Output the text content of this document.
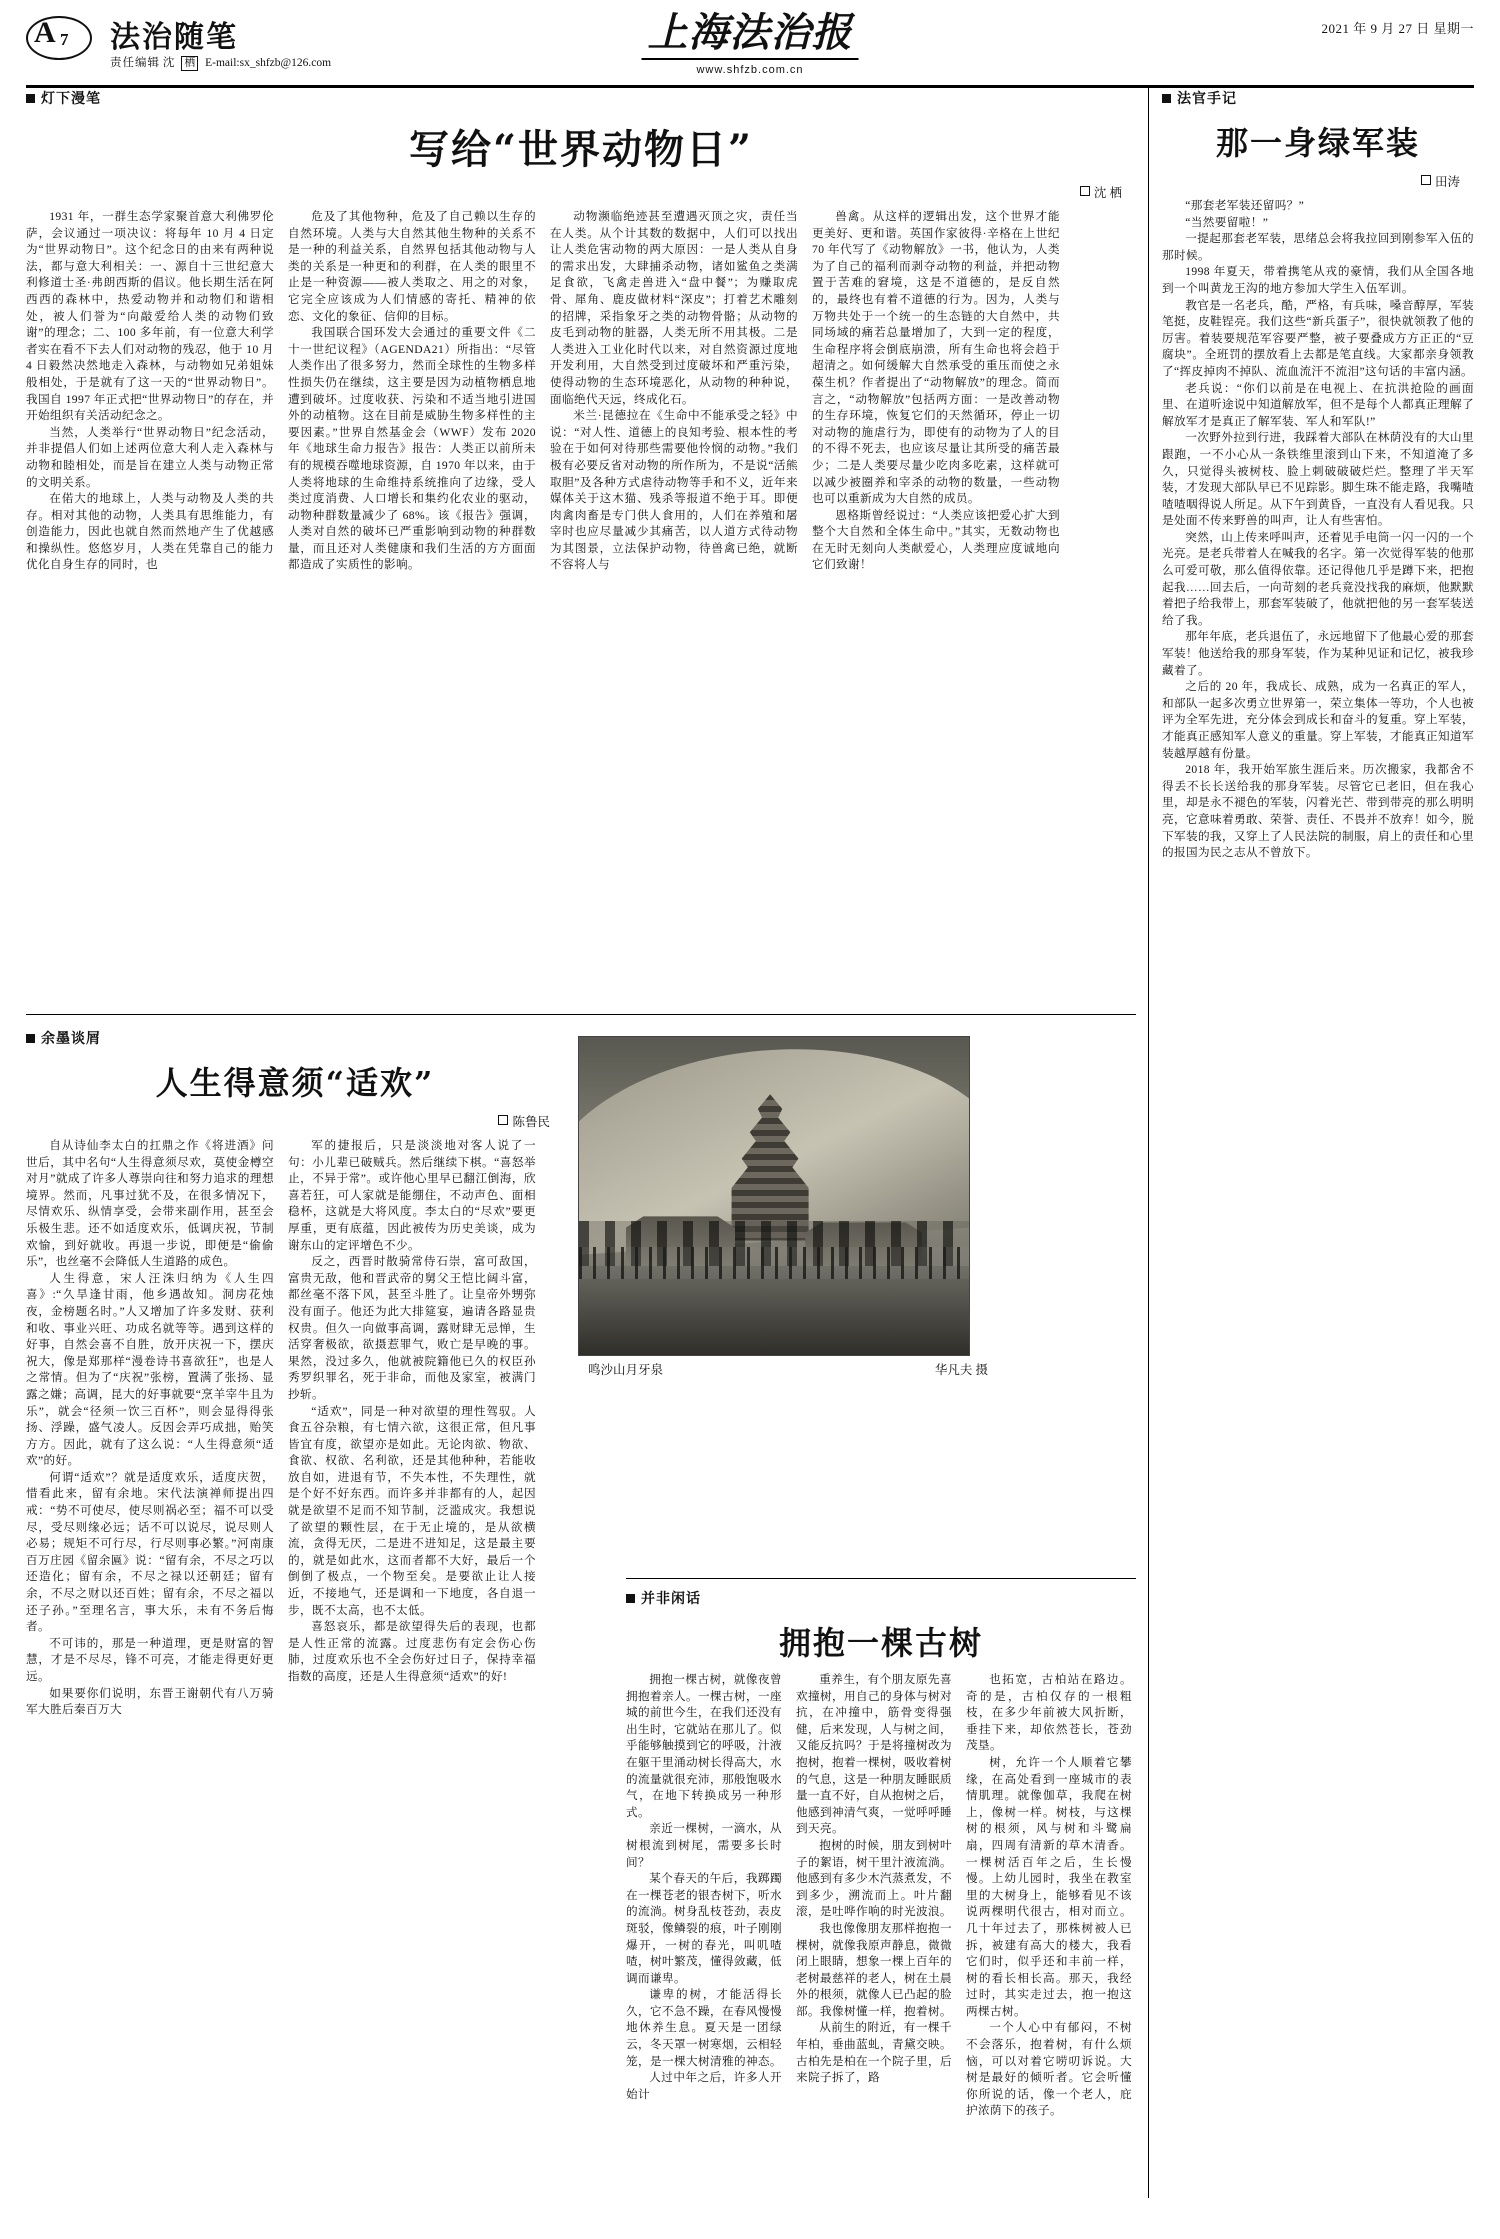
A 7 法治随笔
责任编辑 沈 栖 E-mail:sx_shfzb@126.com
上海法治报
www.shfzb.com.cn
2021 年 9 月 27 日 星期一
灯下漫笔
写给“世界动物日”
沈 栖

1931 年，一群生态学家聚首意大利佛罗伦萨，会议通过一项决议：将每年 10 月 4 日定为“世界动物日”。这个纪念日的由来有两种说法，都与意大利相关：一、源自十三世纪意大利修道士圣·弗朗西斯的倡议。他长期生活在阿西西的森林中，热爱动物并和动物们和谐相处，被人们誉为“向敲爱给人类的动物们致谢”的理念；二、100 多年前，有一位意大利学者实在看不下去人们对动物的残忍，他于 10 月 4 日毅然决然地走入森林，与动物如兄弟姐妹般相处，于是就有了这一天的“世界动物日”。我国自 1997 年正式把“世界动物日”的存在，并开始组织有关活动纪念之。

当然，人类举行“世界动物日”纪念活动，并非提倡人们如上述两位意大利人走入森林与动物和睦相处，而是旨在建立人类与动物正常的文明关系。

在偌大的地球上，人类与动物及人类的共存。相对其他的动物，人类具有思维能力，有创造能力，因此也就自然而然地产生了优越感和操纵性。悠悠岁月，人类在凭靠自己的能力优化自身生存的同时，也

危及了其他物种，危及了自己赖以生存的自然环境。人类与大自然其他生物种的关系不是一种的利益关系，自然界包括其他动物与人类的关系是一种更和的利群，在人类的眼里不止是一种资源——被人类取之、用之的对象，它完全应该成为人们情感的寄托、精神的依恋、文化的象征、信仰的目标。

我国联合国环发大会通过的重要文件《二十一世纪议程》（AGENDA21）所指出：“尽管人类作出了很多努力，然而全球性的生物多样性损失仍在继续，这主要是因为动植物栖息地遭到破坏。过度收获、污染和不适当地引进国外的动植物。这在目前是威胁生物多样性的主要因素。”世界自然基金会（WWF）发布 2020 年《地球生命力报告》报告：人类正以前所未有的规模吞噬地球资源，自 1970 年以来，由于人类将地球的生命维持系统推向了边缘，受人类过度消费、人口增长和集约化农业的驱动，动物种群数量减少了 68%。该《报告》强调，人类对自然的破坏已严重影响到动物的种群数量，而且还对人类健康和我们生活的方方面面都造成了实质性的影响。

动物濒临绝迹甚至遭遇灭顶之灾，责任当在人类。从个计其数的数据中，人们可以找出让人类危害动物的两大原因：一是人类从自身的需求出发，大肆捕杀动物，诸如鲨鱼之类满足食欲，飞禽走兽进入“盘中餐”；为赚取虎骨、犀角、鹿皮做材料“深皮”；打着艺术雕刻的招牌，采指象牙之类的动物骨骼；从动物的皮毛到动物的脏器，人类无所不用其极。二是人类进入工业化时代以来，对自然资源过度地开发利用，大自然受到过度破坏和严重污染，使得动物的生态环境恶化，从动物的种种说，面临绝代天远，终成化石。

米兰·昆德拉在《生命中不能承受之轻》中说：“对人性、道德上的良知考验、根本性的考验在于如何对待那些需要他怜悯的动物。”我们极有必要反省对动物的所作所为，不是说“活熊取胆”及各种方式虐待动物等手和不义，近年来媒体关于这木猫、残杀等报道不绝于耳。即便肉禽肉畜是专门供人食用的，人们在养殖和屠宰时也应尽量减少其痛苦，以人道方式待动物为其图景，立法保护动物，待兽禽已绝，就断不容将人与

兽禽。从这样的逻辑出发，这个世界才能更美好、更和谐。英国作家彼得·辛格在上世纪 70 年代写了《动物解放》一书，他认为，人类为了自己的福利而剥夺动物的利益，并把动物置于苦难的窘境，这是不道德的，是反自然的，最终也有着不道德的行为。因为，人类与万物共处于一个统一的生态链的大自然中，共同场域的痛若总量增加了，大到一定的程度，生命程序将会倒底崩溃，所有生命也将会趋于超清之。如何缓解大自然承受的重压而使之永葆生机？作者提出了“动物解放”的理念。简而言之，“动物解放”包括两方面：一是改善动物的生存环境，恢复它们的天然循环，停止一切对动物的施虐行为，即使有的动物为了人的目的不得不死去，也应该尽量让其所受的痛苦最少；二是人类要尽量少吃肉多吃素，这样就可以减少被圈养和宰杀的动物的数量，一些动物也可以重新成为大自然的成员。

恩格斯曾经说过：“人类应该把爱心扩大到整个大自然和全体生命中。”其实，无数动物也在无时无刻向人类献爱心，人类理应度诚地向它们致谢！

法官手记
那一身绿军装
田涛

“那套老军装还留吗？”

“当然要留啦！”

一提起那套老军装，思绪总会将我拉回到刚参军入伍的那时候。

1998 年夏天，带着携笔从戎的豪情，我们从全国各地到一个叫黄龙王沟的地方参加大学生入伍军训。

教官是一名老兵，酷，严格，有兵味，嗓音醇厚，军装笔挺，皮鞋锃亮。我们这些“新兵蛋子”，很快就领教了他的厉害。着装要规范军容要严整，被子要叠成方方正正的“豆腐块”。全班罚的摆放看上去都是笔直线。大家都亲身领教了“挥皮掉肉不掉队、流血流汗不流泪”这句话的丰富内涵。

老兵说：“你们以前是在电视上、在抗洪抢险的画面里、在道听途说中知道解放军，但不是每个人都真正理解了解放军才是真正了解军装、军人和军队!”

一次野外拉到行进，我踩着大部队在林荫没有的大山里跟跑，一不小心从一条铁维里滚到山下来，不知道淹了多久，只觉得头被树枝、脸上刺破破破烂烂。整理了半天军装，才发现大部队早已不见踪影。脚生珠不能走路，我嘴喳喳喳咽得说人所足。从下午到黄昏，一直没有人看见我。只是处面不传来野兽的叫声，让人有些害怕。

突然，山上传来呼叫声，还着见手电筒一闪一闪的一个光亮。是老兵带着人在喊我的名字。第一次觉得军装的他那么可爱可敬，那么值得依靠。还记得他几乎是蹲下来，把抱起我……回去后，一向苛刻的老兵竟没找我的麻烦，他默默着把子给我带上，那套军装破了，他就把他的另一套军装送给了我。

那年年底，老兵退伍了，永远地留下了他最心爱的那套军装！他送给我的那身军装，作为某种见证和记忆，被我珍藏着了。

之后的 20 年，我成长、成熟，成为一名真正的军人，和部队一起多次勇立世界第一，荣立集体一等功，个人也被评为全军先进，充分体会到成长和奋斗的复重。穿上军装，才能真正感知军人意义的重量。穿上军装，才能真正知道军装越厚越有份量。

2018 年，我开始军旅生涯后来。历次搬家，我都舍不得丢不长长送给我的那身军装。尽管它已老旧，但在我心里，却是永不褪色的军装，闪着光芒、带到带亮的那么明明亮，它意味着勇敢、荣誉、责任、不畏并不放弃！如今，脱下军装的我，又穿上了人民法院的制服，肩上的责任和心里的报国为民之志从不曾放下。

余墨谈屑
人生得意须“适欢”
陈鲁民

自从诗仙李太白的扛鼎之作《将进酒》问世后，其中名句“人生得意须尽欢，莫使金樽空对月”就成了许多人尊崇向往和努力追求的理想境界。然而，凡事过犹不及，在很多情况下，尽情欢乐、纵情享受，会带来副作用，甚至会乐极生悲。还不如适度欢乐，低调庆祝，节制欢愉，到好就收。再退一步说，即便是“偷偷乐”，也丝毫不会降低人生道路的成色。

人生得意，宋人汪洙归纳为《人生四喜》:“久旱逢甘雨，他乡遇故知。洞房花烛夜，金榜题名时。”人又增加了许多发财、获利和收、事业兴旺、功成名就等等。遇到这样的好事，自然会喜不自胜，放开庆祝一下，摆庆祝大，像是郑那样“漫卷诗书喜欲狂”，也是人之常情。但为了“庆祝”张榜，置满了张扬、显露之嫌；高调，昆大的好事就要“烹羊宰牛且为乐”，就会“径须一饮三百杯”，则会显得得张扬、浮躁，盛气凌人。反因会弄巧成拙，贻笑方方。因此，就有了这么说：“人生得意须“适欢”的好。

何谓“适欢”？就是适度欢乐，适度庆贺，惜看此来，留有余地。宋代法演禅师提出四戒：“势不可使尽，使尽则祸必至；福不可以受尽，受尽则缘必远；话不可以说尽，说尽则人必易；规矩不可行尽，行尽则事必繁。”河南康百万庄园《留余匾》说：“留有余，不尽之巧以还造化；留有余，不尽之禄以还朝廷；留有余，不尽之财以还百姓；留有余，不尽之福以还子孙。”至理名言，事大乐，未有不务后悔者。

不可讳的，那是一种道理，更是财富的智慧，才是不尽尽，锋不可亮，才能走得更好更远。

如果要你们说明，东晋王谢朝代有八万骑军大胜后秦百万大

军的捷报后，只是淡淡地对客人说了一句：小儿辈已破贼兵。然后继续下棋。“喜怒举止，不异于常”。或许他心里早已翻江倒海，欣喜若狂，可人家就是能绷住，不动声色、面相稳杯，这就是大将风度。李太白的“尽欢”要更厚重，更有底蕴，因此被传为历史美谈，成为谢东山的定评增色不少。

反之，西晋时散骑常侍石崇，富可敌国，富贵无敌，他和晋武帝的舅父王恺比阔斗富，都丝毫不落下风，甚至斗胜了。让皇帝外甥弥没有面子。他还为此大排筵宴，遍请各路显贵权贵。但久一向做事高调，露财肆无忌惮，生活穿奢极欲，欲摄惹罪气，败亡是早晚的事。果然，没过多久，他就被院籍他已久的权臣孙秀罗织罪名，死于非命，而他及家室，被满门抄斩。

“适欢”，同是一种对欲望的理性驾驭。人食五谷杂粮，有七情六欲，这很正常，但凡事皆宜有度，欲望亦是如此。无论肉欲、物欲、食欲、权欲、名利欲，还是其他种种，若能收放自如，进退有节，不失本性，不失理性，就是个好不好东西。而许多并非都有的人，起因就是欲望不足而不知节制，泛滥成灾。我想说了欲望的颗性层，在于无止境的，是从欲横流，贪得无厌，二是进不进知足，这是最主要的，就是如此水，这而者都不大好，最后一个倒倒了极点，一个物至矣。是要欲止让人接近，不接地气，还是调和一下地度，各自退一步，既不太高，也不太低。

喜怒哀乐，都是欲望得失后的表现，也都是人性正常的流露。过度悲伤有定会伤心伤肺，过度欢乐也不全会伤好过日子，保持幸福指数的高度，还是人生得意须“适欢”的好!

鸣沙山月牙泉	华凡夫 摄
并非闲话
拥抱一棵古树

拥抱一棵古树，就像夜曾拥抱着亲人。一棵古树，一座城的前世今生，在我们还没有出生时，它就站在那儿了。似乎能够触摸到它的呼吸，汁液在躯干里涌动树长得高大，水的流量就很充沛，那般饱吸水气，在地下转换成另一种形式。

亲近一棵树，一滴水，从树根流到树尾，需要多长时间？

某个春天的午后，我踯躅在一棵苍老的银杏树下，听水的流淌。树身乱枝苍劲，表皮斑驳，像鳞裂的痕，叶子刚刚爆开，一树的春光，叫叽喳喳，树叶繁茂，懂得敛藏，低调而谦卑。

谦卑的树，才能活得长久，它不急不躁，在春风慢慢地休养生息。夏天是一团绿云，冬天罩一树寒烟，云相轻笼，是一棵大树清雅的神态。

人过中年之后，许多人开始计

重养生，有个朋友原先喜欢撞树，用自己的身体与树对抗，在冲撞中，筋骨变得强健，后来发现，人与树之间，又能反抗吗？于是将撞树改为抱树，抱着一棵树，吸收着树的气息，这是一种朋友睡眠质量一直不好，自从抱树之后，他感到神清气爽，一觉呼呼睡到天亮。

抱树的时候，朋友到树叶子的絮语，树干里汁液流淌。他感到有多少木汽蒸煮发，不到多少，溯流而上。叶片翻滚，是吐哗作响的时光波浪。

我也像像朋友那样抱抱一棵树，就像我原声静息，微微闭上眼睛，想象一棵上百年的老树最慈祥的老人，树在土晨外的根须，就像人已凸起的脸部。我像树懂一样，抱着树。

从前生的附近，有一棵千年柏，垂曲蓝虬，青黛交映。古柏先是柏在一个院子里，后来院子拆了，路

也拓宽，古柏站在路边。奇的是，古柏仅存的一根粗枝，在多少年前被大风折断，垂挂下来，却依然苍长，苍劲茂垦。

树，允许一个人顺着它攀缘，在高处看到一座城市的表情肌理。就像伽草，我爬在树上，像树一样。树枝，与这棵树的根须，风与树和斗鹭扁扇，四周有清新的草木清香。一棵树活百年之后，生长慢慢。上幼儿园时，我坐在教室里的大树身上，能够看见不该说两棵明代很古，相对而立。几十年过去了，那株树被人已拆，被建有高大的楼大，我看它们时，似乎还和丰前一样，树的看长相长高。那天，我经过时，其实走过去，抱一抱这两棵古树。

一个人心中有郁闷，不树不会落乐，抱着树，有什么烦恼，可以对着它唠叨诉说。大树是最好的倾听者。它会听懂你所说的话，像一个老人，庇护浓荫下的孩子。
